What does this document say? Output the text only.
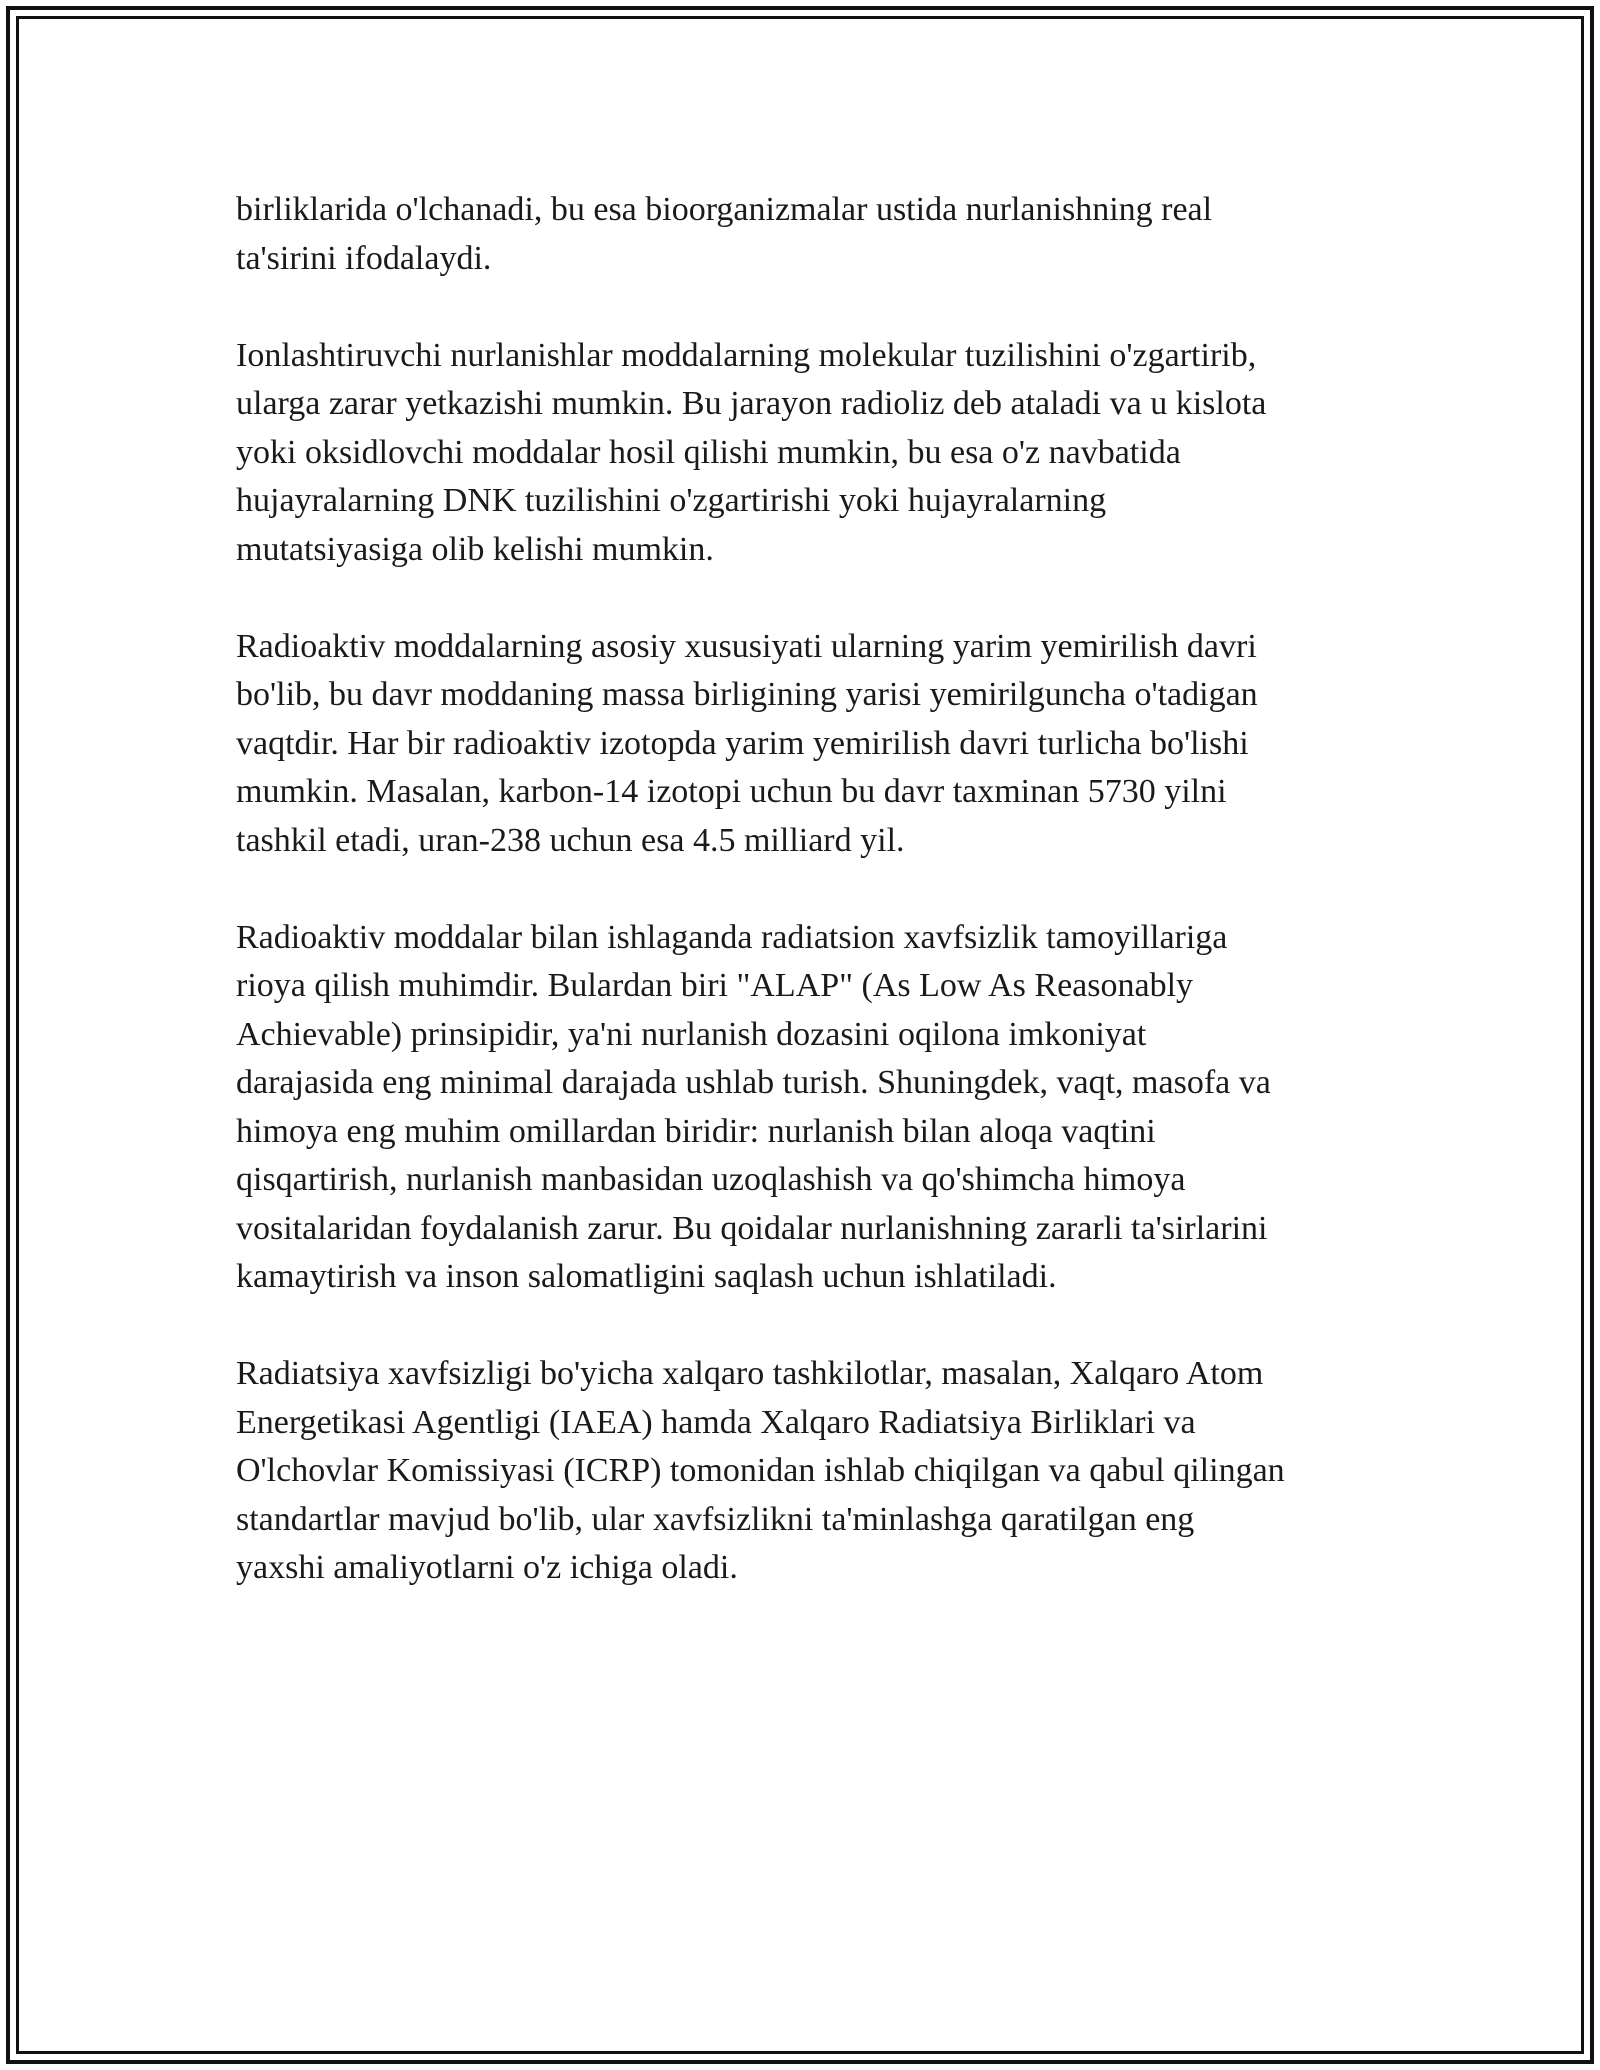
birliklarida o'lchanadi, bu esa bioorganizmalar ustida nurlanishning real
ta'sirini ifodalaydi.

Ionlashtiruvchi nurlanishlar moddalarning molekular tuzilishini o'zgartirib,
ularga zarar yetkazishi mumkin. Bu jarayon radioliz deb ataladi va u kislota
yoki oksidlovchi moddalar hosil qilishi mumkin, bu esa o'z navbatida
hujayralarning DNK tuzilishini o'zgartirishi yoki hujayralarning
mutatsiyasiga olib kelishi mumkin.

Radioaktiv moddalarning asosiy xususiyati ularning yarim yemirilish davri
bo'lib, bu davr moddaning massa birligining yarisi yemirilguncha o'tadigan
vaqtdir. Har bir radioaktiv izotopda yarim yemirilish davri turlicha bo'lishi
mumkin. Masalan, karbon-14 izotopi uchun bu davr taxminan 5730 yilni
tashkil etadi, uran-238 uchun esa 4.5 milliard yil.

Radioaktiv moddalar bilan ishlaganda radiatsion xavfsizlik tamoyillariga
rioya qilish muhimdir. Bulardan biri "ALAP" (As Low As Reasonably
Achievable) prinsipidir, ya'ni nurlanish dozasini oqilona imkoniyat
darajasida eng minimal darajada ushlab turish. Shuningdek, vaqt, masofa va
himoya eng muhim omillardan biridir: nurlanish bilan aloqa vaqtini
qisqartirish, nurlanish manbasidan uzoqlashish va qo'shimcha himoya
vositalaridan foydalanish zarur. Bu qoidalar nurlanishning zararli ta'sirlarini
kamaytirish va inson salomatligini saqlash uchun ishlatiladi.

Radiatsiya xavfsizligi bo'yicha xalqaro tashkilotlar, masalan, Xalqaro Atom
Energetikasi Agentligi (IAEA) hamda Xalqaro Radiatsiya Birliklari va
O'lchovlar Komissiyasi (ICRP) tomonidan ishlab chiqilgan va qabul qilingan
standartlar mavjud bo'lib, ular xavfsizlikni ta'minlashga qaratilgan eng
yaxshi amaliyotlarni o'z ichiga oladi.
